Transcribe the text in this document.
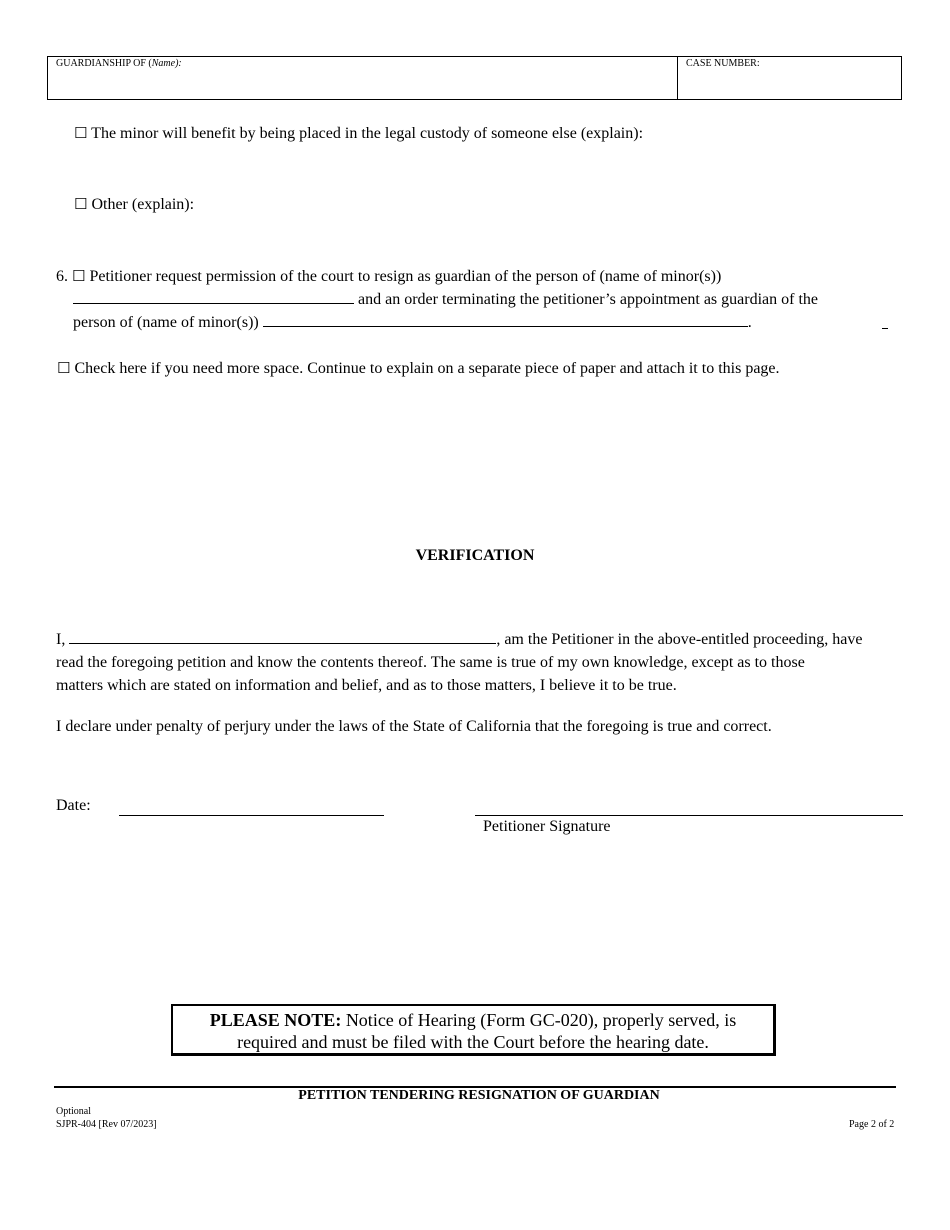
GUARDIANSHIP OF (Name):	CASE NUMBER:
☐ The minor will benefit by being placed in the legal custody of someone else (explain):
☐ Other (explain):
6. ☐ Petitioner request permission of the court to resign as guardian of the person of (name of minor(s))
and an order terminating the petitioner’s appointment as guardian of the
person of (name of minor(s))	.
☐ Check here if you need more space. Continue to explain on a separate piece of paper and attach it to this page.
VERIFICATION
I,	, am the Petitioner in the above-entitled proceeding, have
read the foregoing petition and know the contents thereof. The same is true of my own knowledge, except as to those
matters which are stated on information and belief, and as to those matters, I believe it to be true.
I declare under penalty of perjury under the laws of the State of California that the foregoing is true and correct.
Date:
Petitioner Signature
PLEASE NOTE: Notice of Hearing (Form GC-020), properly served, is
required and must be filed with the Court before the hearing date.
PETITION TENDERING RESIGNATION OF GUARDIAN
Optional
SJPR-404 [Rev 07/2023]	Page 2 of 2
